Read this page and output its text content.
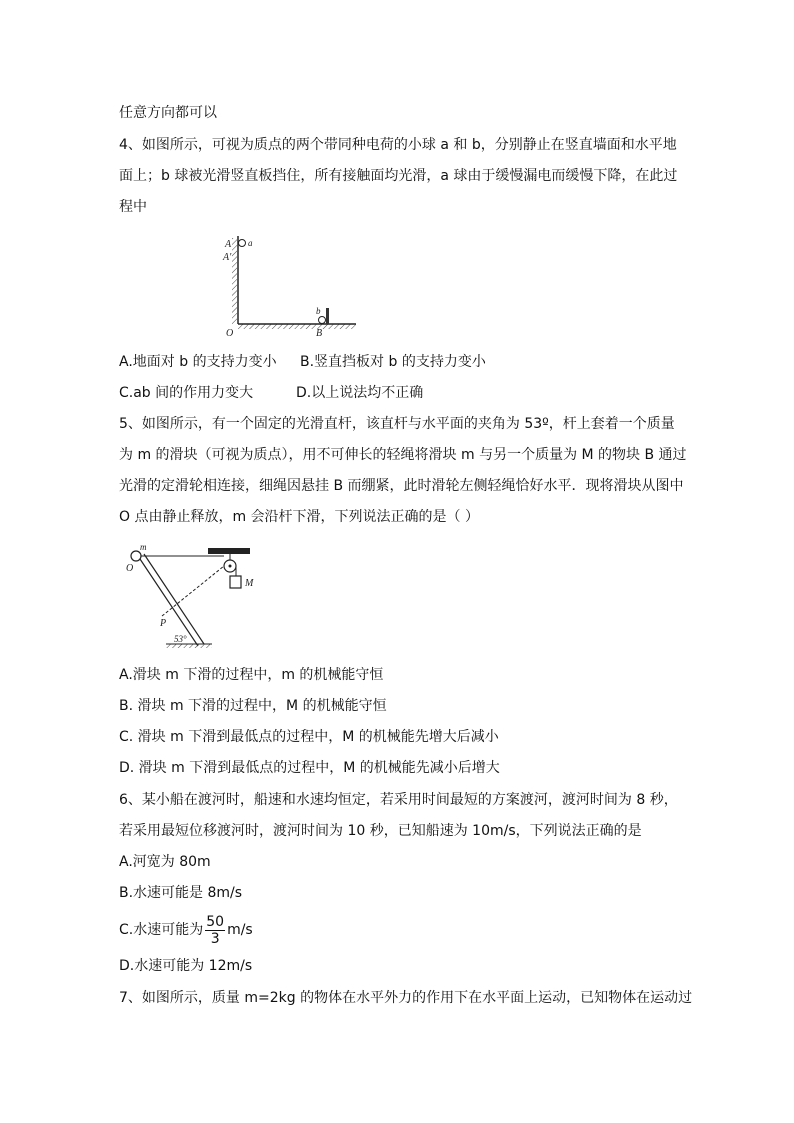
任意方向都可以
4、如图所示，可视为质点的两个带同种电荷的小球 a 和 b，分别静止在竖直墙面和水平地
面上；b 球被光滑竖直板挡住，所有接触面均光滑，a 球由于缓慢漏电而缓慢下降，在此过
程中
A a
A'
b
O	B
A.地面对 b 的支持力变小 B.竖直挡板对 b 的支持力变小
C.ab 间的作用力变大	D.以上说法均不正确
5、如图所示，有一个固定的光滑直杆，该直杆与水平面的夹角为 53º，杆上套着一个质量
为 m 的滑块（可视为质点），用不可伸长的轻绳将滑块 m 与另一个质量为 M 的物块 B 通过
光滑的定滑轮相连接，细绳因悬挂 B 而绷紧，此时滑轮左侧轻绳恰好水平．现将滑块从图中
O 点由静止释放，m 会沿杆下滑，下列说法正确的是（ ）
m
O
M
P
53°
A.滑块 m 下滑的过程中，m 的机械能守恒
B. 滑块 m 下滑的过程中，M 的机械能守恒
C. 滑块 m 下滑到最低点的过程中，M 的机械能先增大后减小
D. 滑块 m 下滑到最低点的过程中，M 的机械能先减小后增大
6、某小船在渡河时，船速和水速均恒定，若采用时间最短的方案渡河，渡河时间为 8 秒，
若采用最短位移渡河时，渡河时间为 10 秒，已知船速为 10m/s，下列说法正确的是
A.河宽为 80m
B.水速可能是 8m/s
C.水速可能为 $\frac{50}{3} m/s$
D.水速可能为 12m/s
7、如图所示，质量 m=2kg 的物体在水平外力的作用下在水平面上运动，已知物体在运动过
